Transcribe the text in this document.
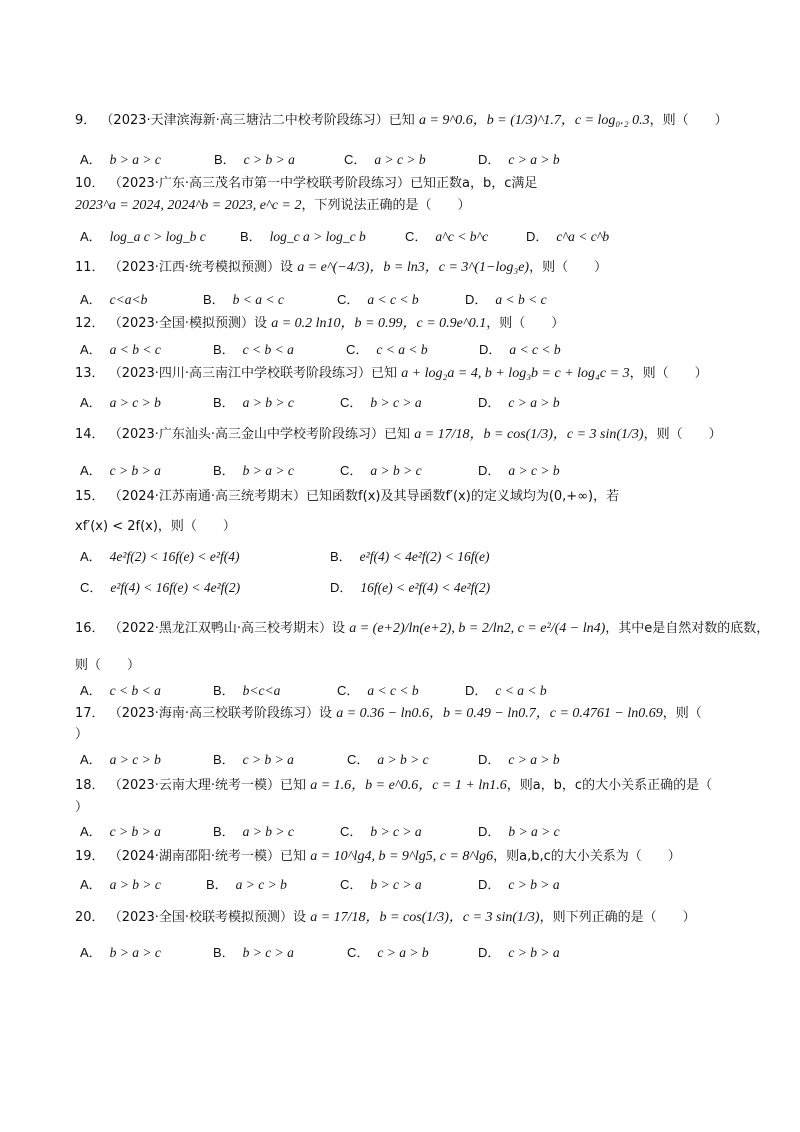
9． （2023·天津滨海新·高三塘沽二中校考阶段练习）已知 a = 9^0.6，b = (1/3)^1.7，c = log₀.₂ 0.3，则（　　）
A． b > a > c	B． c > b > a	C． a > c > b	D． c > a > b
10． （2023·广东·高三茂名市第一中学校联考阶段练习）已知正数a，b，c满足
2023^a = 2024, 2024^b = 2023, e^c = 2，下列说法正确的是（　　）
A． log_a c > log_b c	B． log_c a > log_c b	C． a^c < b^c	D． c^a < c^b
11． （2023·江西·统考模拟预测）设 a = e^(−4/3)，b = ln3，c = 3^(1−log₃e)，则（　　）
A． c<a<b	B． b < a < c	C． a < c < b	D． a < b < c
12． （2023·全国·模拟预测）设 a = 0.2 ln10，b = 0.99，c = 0.9e^0.1，则（　　）
A． a < b < c	B． c < b < a	C． c < a < b	D． a < c < b
13． （2023·四川·高三南江中学校联考阶段练习）已知 a + log₂a = 4, b + log₃b = c + log₄c = 3，则（　　）
A． a > c > b	B． a > b > c	C． b > c > a	D． c > a > b
14． （2023·广东汕头·高三金山中学校考阶段练习）已知 a = 17/18，b = cos(1/3)，c = 3 sin(1/3)，则（　　）
A． c > b > a	B． b > a > c	C． a > b > c	D． a > c > b
15． （2024·江苏南通·高三统考期末）已知函数f(x)及其导函数f′(x)的定义域均为(0,+∞)，若
xf′(x) < 2f(x)，则（　　）
A． 4e²f(2) < 16f(e) < e²f(4)	B． e²f(4) < 4e²f(2) < 16f(e)
C． e²f(4) < 16f(e) < 4e²f(2)	D． 16f(e) < e²f(4) < 4e²f(2)
16． （2022·黑龙江双鸭山·高三校考期末）设 a = (e+2)/ln(e+2), b = 2/ln2, c = e²/(4 − ln4)，其中e是自然对数的底数，
则（　　）
A． c < b < a	B． b<c<a	C． a < c < b	D． c < a < b
17． （2023·海南·高三校联考阶段练习）设 a = 0.36 − ln0.6，b = 0.49 − ln0.7，c = 0.4761 − ln0.69，则（
）
A． a > c > b	B． c > b > a	C． a > b > c	D． c > a > b
18． （2023·云南大理·统考一模）已知 a = 1.6，b = e^0.6，c = 1 + ln1.6，则a，b，c的大小关系正确的是（
）
A． c > b > a	B． a > b > c	C． b > c > a	D． b > a > c
19． （2024·湖南邵阳·统考一模）已知 a = 10^lg4, b = 9^lg5, c = 8^lg6，则a,b,c的大小关系为（　　）
A． a > b > c	B． a > c > b	C． b > c > a	D． c > b > a
20． （2023·全国·校联考模拟预测）设 a = 17/18，b = cos(1/3)，c = 3 sin(1/3)，则下列正确的是（　　）
A． b > a > c	B． b > c > a	C． c > a > b	D． c > b > a
